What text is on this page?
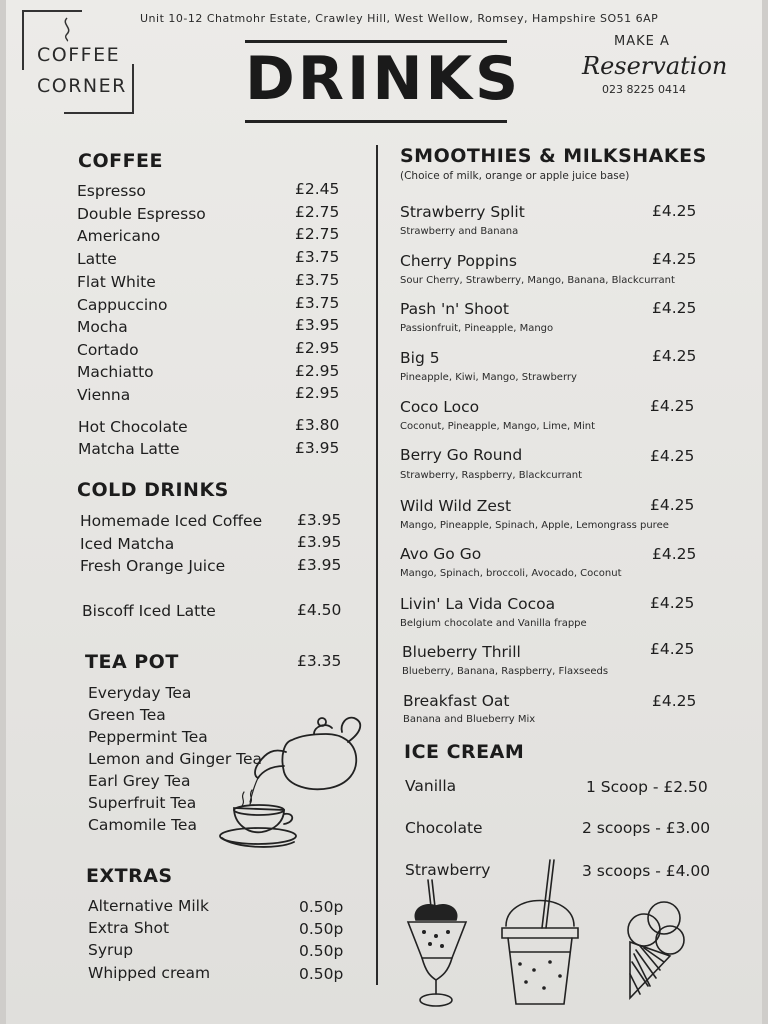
COFFEE
CORNER
Unit 10-12 Chatmohr Estate, Crawley Hill, West Wellow, Romsey, Hampshire SO51 6AP
DRINKS
MAKE A
Reservation
023 8225 0414
COFFEE
Espresso	£2.45
Double Espresso	£2.75
Americano	£2.75
Latte	£3.75
Flat White	£3.75
Cappuccino	£3.75
Mocha	£3.95
Cortado	£2.95
Machiatto	£2.95
Vienna	£2.95
Hot Chocolate	£3.80
Matcha Latte	£3.95
COLD DRINKS
Homemade Iced Coffee £3.95
Iced Matcha	£3.95
Fresh Orange Juice	£3.95
Biscoff Iced Latte	£4.50
TEA POT	£3.35
Everyday Tea
Green Tea
Peppermint Tea
Lemon and Ginger Tea
Earl Grey Tea
Superfruit Tea
Camomile Tea
EXTRAS
Alternative Milk	0.50p
Extra Shot	0.50p
Syrup	0.50p
Whipped cream	0.50p
SMOOTHIES & MILKSHAKES
(Choice of milk, orange or apple juice base)
Strawberry Split	£4.25
Strawberry and Banana
Cherry Poppins	£4.25
Sour Cherry, Strawberry, Mango, Banana, Blackcurrant
Pash 'n' Shoot	£4.25
Passionfruit, Pineapple, Mango
Big 5	£4.25
Pineapple, Kiwi, Mango, Strawberry
Coco Loco	£4.25
Coconut, Pineapple, Mango, Lime, Mint
Berry Go Round	£4.25
Strawberry, Raspberry, Blackcurrant
Wild Wild Zest	£4.25
Mango, Pineapple, Spinach, Apple, Lemongrass puree
Avo Go Go	£4.25
Mango, Spinach, broccoli, Avocado, Coconut
Livin' La Vida Cocoa	£4.25
Belgium chocolate and Vanilla frappe
Blueberry Thrill	£4.25
Blueberry, Banana, Raspberry, Flaxseeds
Breakfast Oat	£4.25
Banana and Blueberry Mix
ICE CREAM
Vanilla	1 Scoop - £2.50
Chocolate	2 scoops - £3.00
Strawberry	3 scoops - £4.00
